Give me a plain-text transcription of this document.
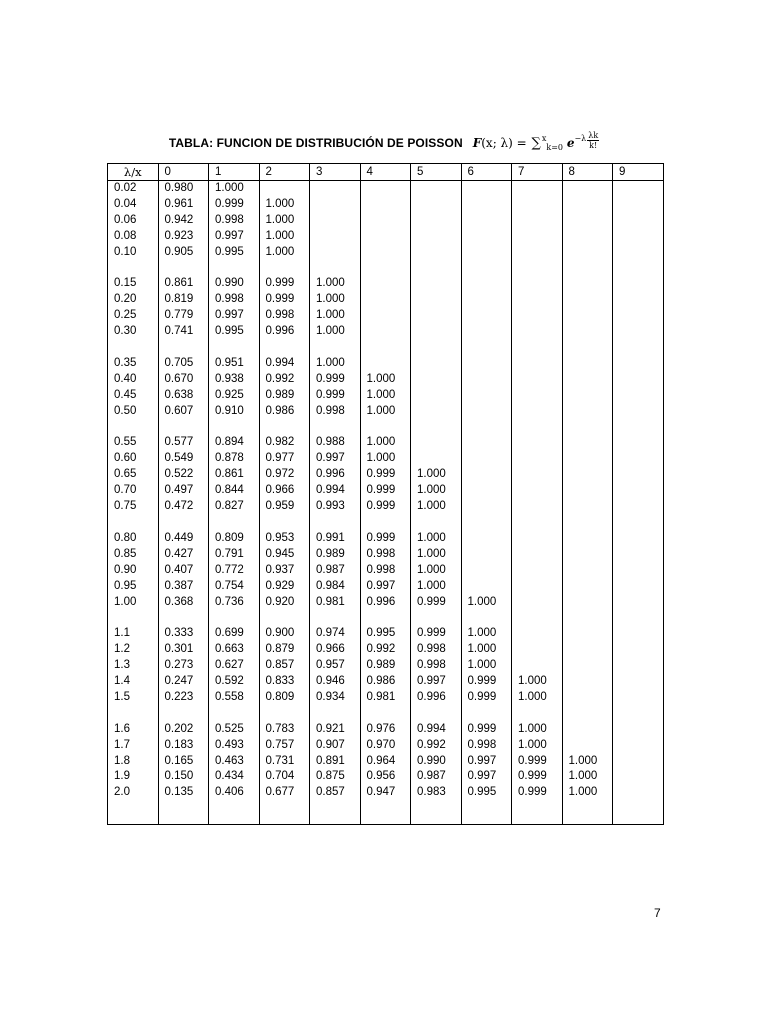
TABLA: FUNCION DE DISTRIBUCIÓN DE POISSON F (x; λ) =
∑ x
k=0
$e -\lambda \frac{\lambda k}{k!}$
λ/x	0	1	2	3	4	5	6	7	8	9
0.02	0.980	1.000								
0.04	0.961	0.999	1.000							
0.06	0.942	0.998	1.000							
0.08	0.923	0.997	1.000							
0.10	0.905	0.995	1.000							

0.15	0.861	0.990	0.999	1.000						
0.20	0.819	0.998	0.999	1.000						
0.25	0.779	0.997	0.998	1.000						
0.30	0.741	0.995	0.996	1.000						

0.35	0.705	0.951	0.994	1.000						
0.40	0.670	0.938	0.992	0.999	1.000					
0.45	0.638	0.925	0.989	0.999	1.000					
0.50	0.607	0.910	0.986	0.998	1.000					

0.55	0.577	0.894	0.982	0.988	1.000					
0.60	0.549	0.878	0.977	0.997	1.000					
0.65	0.522	0.861	0.972	0.996	0.999	1.000				
0.70	0.497	0.844	0.966	0.994	0.999	1.000				
0.75	0.472	0.827	0.959	0.993	0.999	1.000				

0.80	0.449	0.809	0.953	0.991	0.999	1.000				
0.85	0.427	0.791	0.945	0.989	0.998	1.000				
0.90	0.407	0.772	0.937	0.987	0.998	1.000				
0.95	0.387	0.754	0.929	0.984	0.997	1.000				
1.00	0.368	0.736	0.920	0.981	0.996	0.999	1.000			

1.1	0.333	0.699	0.900	0.974	0.995	0.999	1.000			
1.2	0.301	0.663	0.879	0.966	0.992	0.998	1.000			
1.3	0.273	0.627	0.857	0.957	0.989	0.998	1.000			
1.4	0.247	0.592	0.833	0.946	0.986	0.997	0.999	1.000		
1.5	0.223	0.558	0.809	0.934	0.981	0.996	0.999	1.000		

1.6	0.202	0.525	0.783	0.921	0.976	0.994	0.999	1.000		
1.7	0.183	0.493	0.757	0.907	0.970	0.992	0.998	1.000		
1.8	0.165	0.463	0.731	0.891	0.964	0.990	0.997	0.999	1.000	
1.9	0.150	0.434	0.704	0.875	0.956	0.987	0.997	0.999	1.000	
2.0	0.135	0.406	0.677	0.857	0.947	0.983	0.995	0.999	1.000	

7
